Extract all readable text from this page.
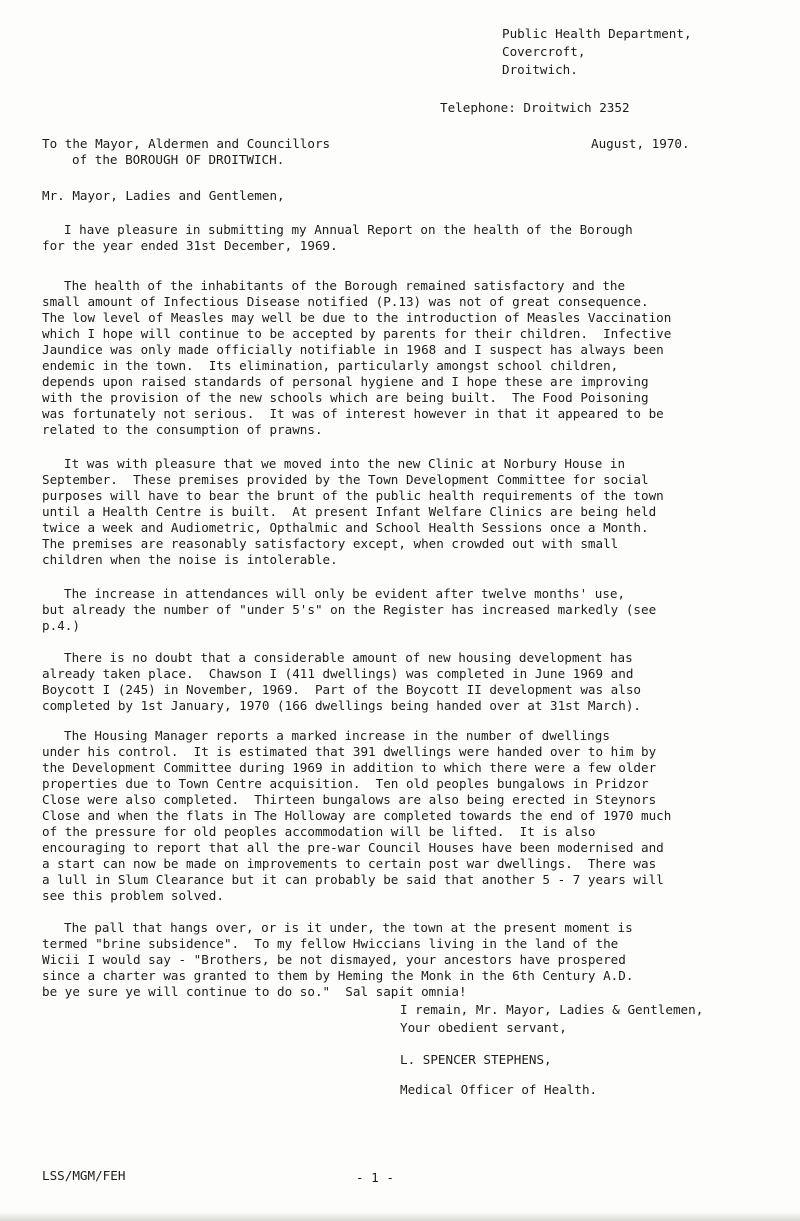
Public Health Department,
Covercroft,
Droitwich.
Telephone: Droitwich 2352
August, 1970.
To the Mayor, Aldermen and Councillors
of the BOROUGH OF DROITWICH.
Mr. Mayor, Ladies and Gentlemen,
I have pleasure in submitting my Annual Report on the health of the Borough
for the year ended 31st December, 1969.
The health of the inhabitants of the Borough remained satisfactory and the
small amount of Infectious Disease notified (P.13) was not of great consequence.
The low level of Measles may well be due to the introduction of Measles Vaccination
which I hope will continue to be accepted by parents for their children.  Infective
Jaundice was only made officially notifiable in 1968 and I suspect has always been
endemic in the town.  Its elimination, particularly amongst school children,
depends upon raised standards of personal hygiene and I hope these are improving
with the provision of the new schools which are being built.  The Food Poisoning
was fortunately not serious.  It was of interest however in that it appeared to be
related to the consumption of prawns.
It was with pleasure that we moved into the new Clinic at Norbury House in
September.  These premises provided by the Town Development Committee for social
purposes will have to bear the brunt of the public health requirements of the town
until a Health Centre is built.  At present Infant Welfare Clinics are being held
twice a week and Audiometric, Opthalmic and School Health Sessions once a Month.
The premises are reasonably satisfactory except, when crowded out with small
children when the noise is intolerable.
The increase in attendances will only be evident after twelve months' use,
but already the number of "under 5's" on the Register has increased markedly (see
p.4.)
There is no doubt that a considerable amount of new housing development has
already taken place.  Chawson I (411 dwellings) was completed in June 1969 and
Boycott I (245) in November, 1969.  Part of the Boycott II development was also
completed by 1st January, 1970 (166 dwellings being handed over at 31st March).
The Housing Manager reports a marked increase in the number of dwellings
under his control.  It is estimated that 391 dwellings were handed over to him by
the Development Committee during 1969 in addition to which there were a few older
properties due to Town Centre acquisition.  Ten old peoples bungalows in Pridzor
Close were also completed.  Thirteen bungalows are also being erected in Steynors
Close and when the flats in The Holloway are completed towards the end of 1970 much
of the pressure for old peoples accommodation will be lifted.  It is also
encouraging to report that all the pre-war Council Houses have been modernised and
a start can now be made on improvements to certain post war dwellings.  There was
a lull in Slum Clearance but it can probably be said that another 5 - 7 years will
see this problem solved.
The pall that hangs over, or is it under, the town at the present moment is
termed "brine subsidence".  To my fellow Hwiccians living in the land of the
Wicii I would say - "Brothers, be not dismayed, your ancestors have prospered
since a charter was granted to them by Heming the Monk in the 6th Century A.D.
be ye sure ye will continue to do so."  Sal sapit omnia!
I remain, Mr. Mayor, Ladies & Gentlemen,
Your obedient servant,
L. SPENCER STEPHENS,
Medical Officer of Health.
LSS/MGM/FEH	- 1 -
